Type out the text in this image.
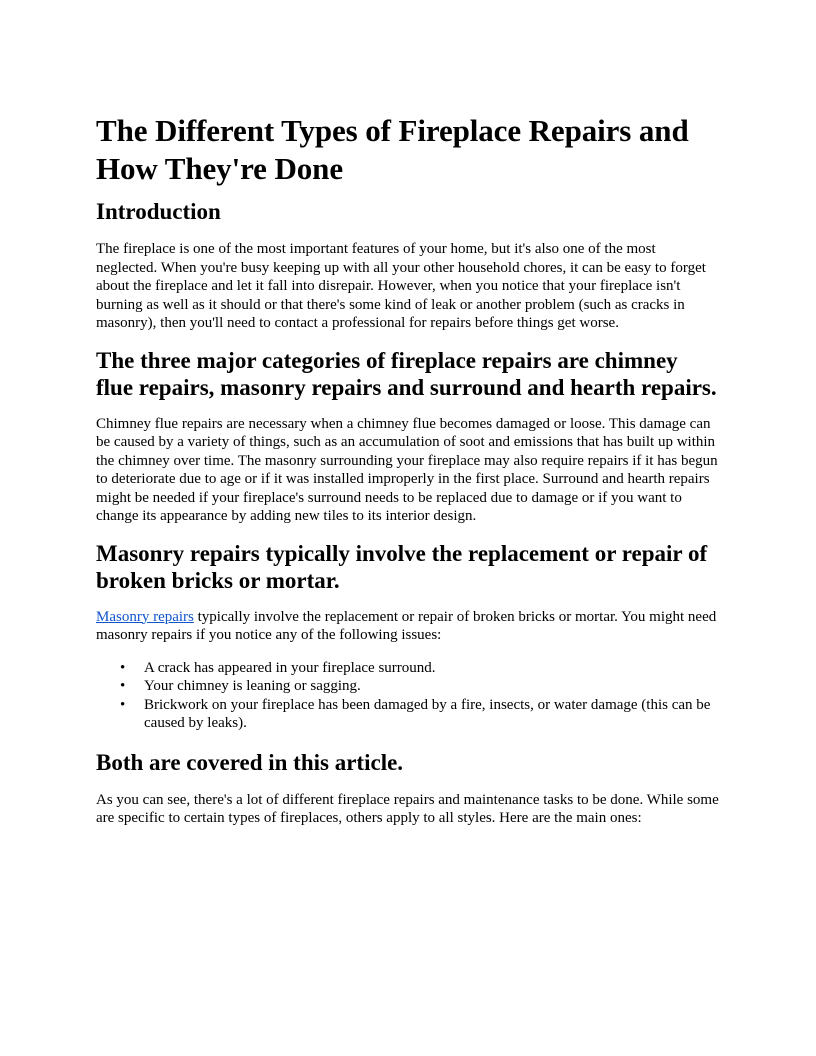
The Different Types of Fireplace Repairs and How They're Done
Introduction

The fireplace is one of the most important features of your home, but it's also one of the most neglected. When you're busy keeping up with all your other household chores, it can be easy to forget about the fireplace and let it fall into disrepair. However, when you notice that your fireplace isn't burning as well as it should or that there's some kind of leak or another problem (such as cracks in masonry), then you'll need to contact a professional for repairs before things get worse.

The three major categories of fireplace repairs are chimney flue repairs, masonry repairs and surround and hearth repairs.

Chimney flue repairs are necessary when a chimney flue becomes damaged or loose. This damage can be caused by a variety of things, such as an accumulation of soot and emissions that has built up within the chimney over time. The masonry surrounding your fireplace may also require repairs if it has begun to deteriorate due to age or if it was installed improperly in the first place. Surround and hearth repairs might be needed if your fireplace's surround needs to be replaced due to damage or if you want to change its appearance by adding new tiles to its interior design.

Masonry repairs typically involve the replacement or repair of broken bricks or mortar.

Masonry repairs typically involve the replacement or repair of broken bricks or mortar. You might need masonry repairs if you notice any of the following issues:

• A crack has appeared in your fireplace surround.
• Your chimney is leaning or sagging.
• Brickwork on your fireplace has been damaged by a fire, insects, or water damage (this can be caused by leaks).
Both are covered in this article.

As you can see, there's a lot of different fireplace repairs and maintenance tasks to be done. While some are specific to certain types of fireplaces, others apply to all styles. Here are the main ones:
